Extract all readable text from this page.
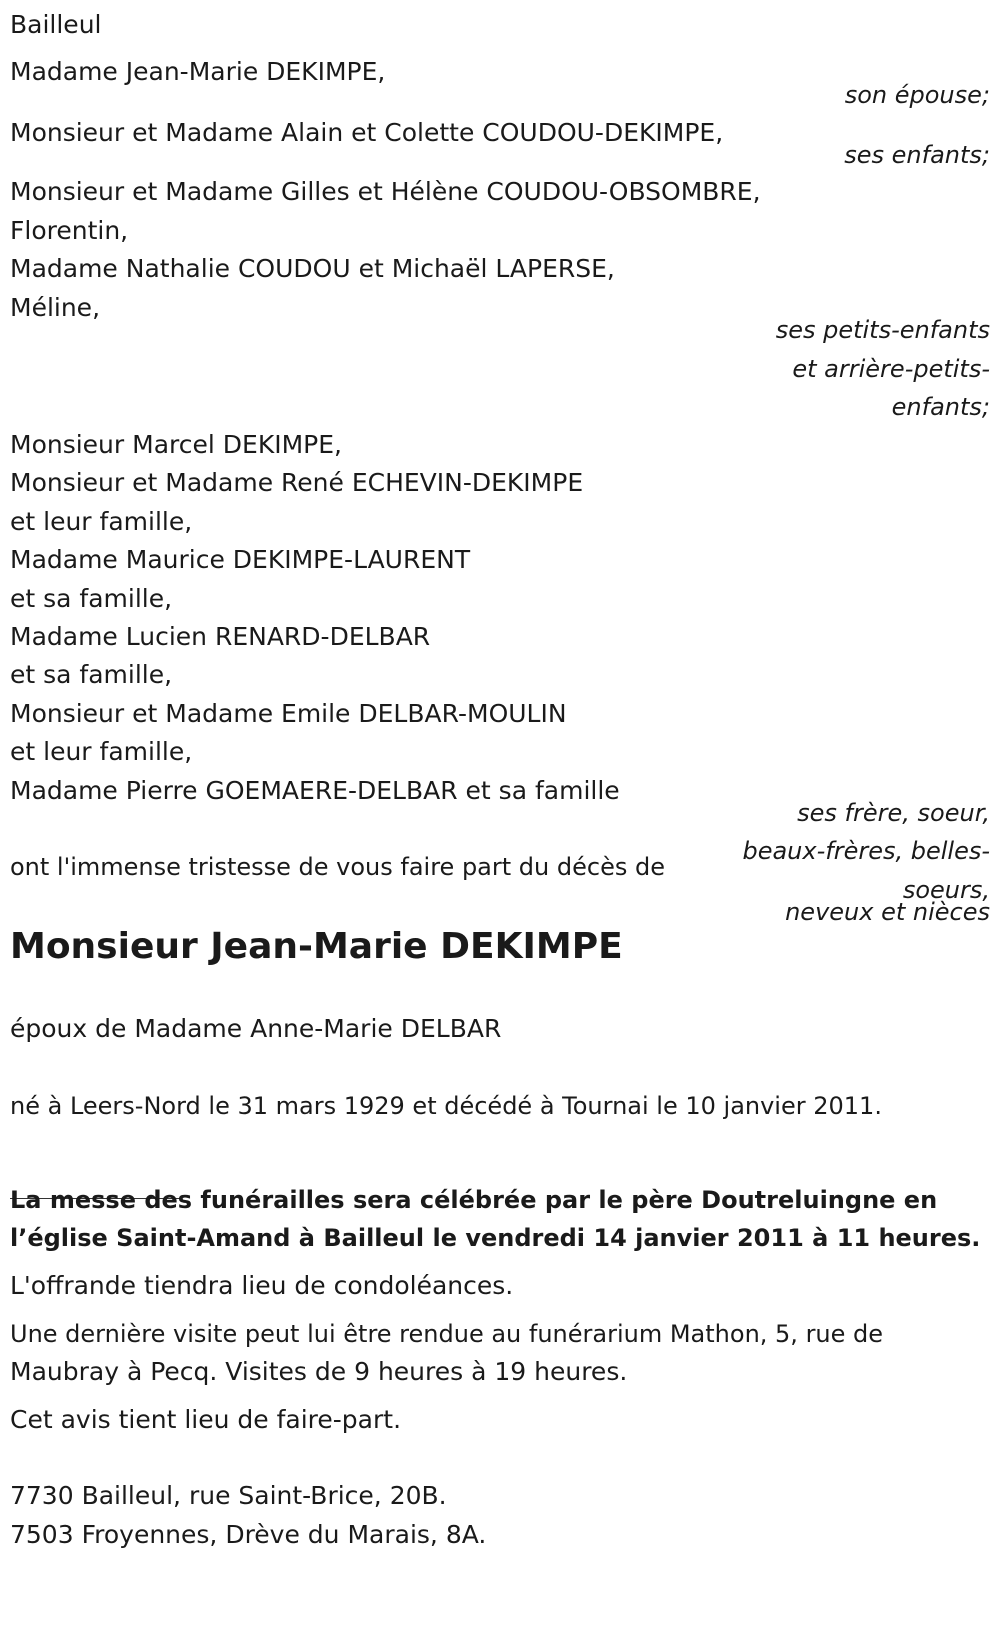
Bailleul
Madame Jean-Marie DEKIMPE,
son épouse;
Monsieur et Madame Alain et Colette COUDOU-DEKIMPE,
ses enfants;
Monsieur et Madame Gilles et Hélène COUDOU-OBSOMBRE,
Florentin,
Madame Nathalie COUDOU et Michaël LAPERSE,
Méline,
ses petits-enfants
et arrière-petits-
enfants;
Monsieur Marcel DEKIMPE,
Monsieur et Madame René ECHEVIN-DEKIMPE
et leur famille,
Madame Maurice DEKIMPE-LAURENT
et sa famille,
Madame Lucien RENARD-DELBAR
et sa famille,
Monsieur et Madame Emile DELBAR-MOULIN
et leur famille,
Madame Pierre GOEMAERE-DELBAR et sa famille
ses frère, soeur,
beaux-frères, belles-
ont l'immense tristesse de vous faire part du décès de
soeurs,
neveux et nièces
Monsieur Jean-Marie DEKIMPE
époux de Madame Anne-Marie DELBAR
né à Leers-Nord le 31 mars 1929 et décédé à Tournai le 10 janvier 2011.
La messe des funérailles sera célébrée par le père Doutreluingne en
l’église Saint-Amand à Bailleul le vendredi 14 janvier 2011 à 11 heures.
L'offrande tiendra lieu de condoléances.
Une dernière visite peut lui être rendue au funérarium Mathon, 5, rue de
Maubray à Pecq. Visites de 9 heures à 19 heures.
Cet avis tient lieu de faire-part.
7730 Bailleul, rue Saint-Brice, 20B.
7503 Froyennes, Drève du Marais, 8A.
